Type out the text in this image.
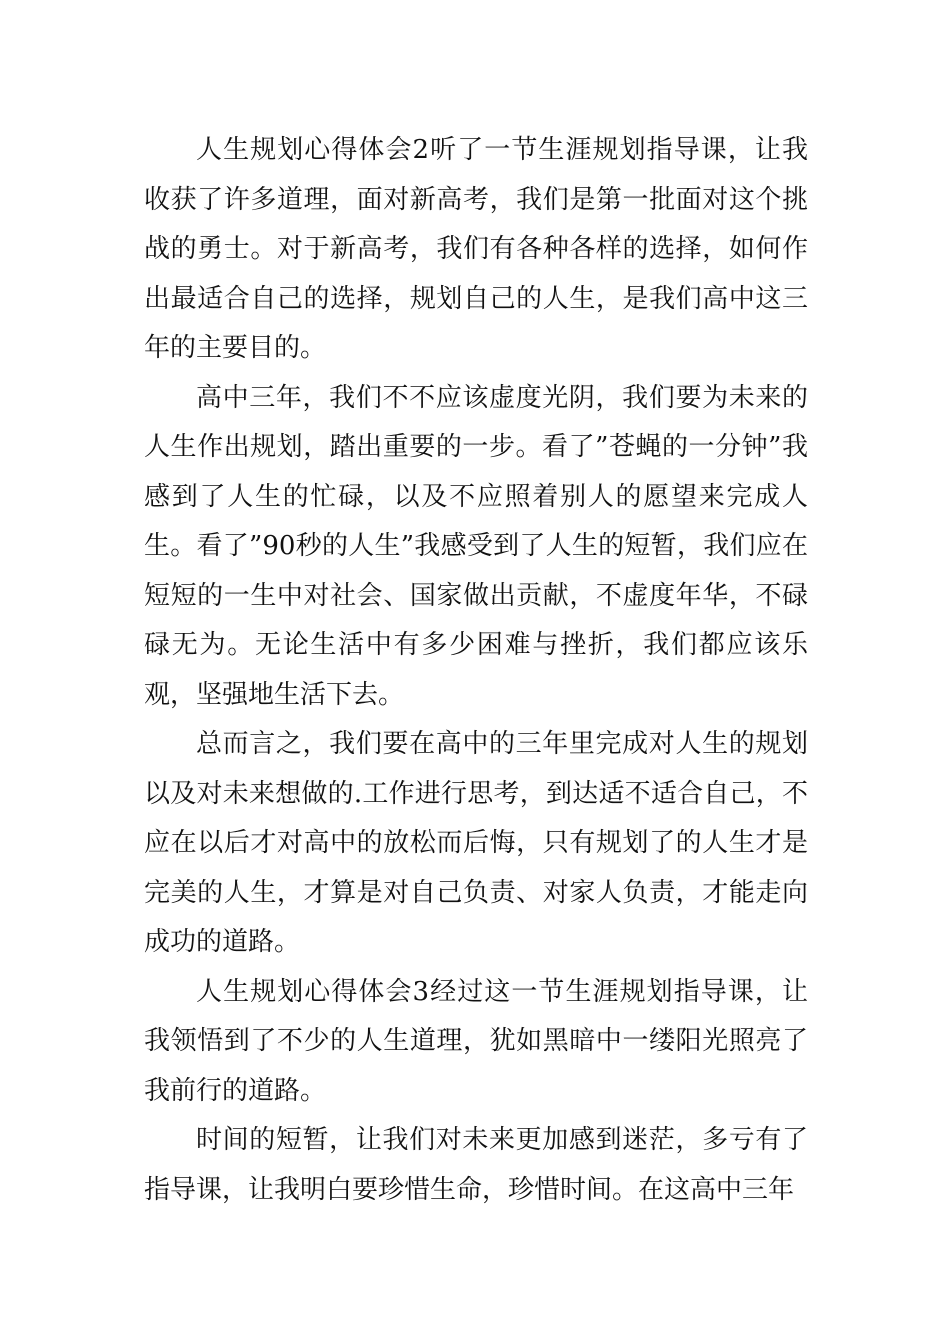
人生规划心得体会2听了一节生涯规划指导课，让我收获了许多道理，面对新高考，我们是第一批面对这个挑战的勇士。对于新高考，我们有各种各样的选择，如何作出最适合自己的选择，规划自己的人生，是我们高中这三年的主要目的。

高中三年，我们不不应该虚度光阴，我们要为未来的人生作出规划，踏出重要的一步。看了”苍蝇的一分钟”我感到了人生的忙碌，以及不应照着别人的愿望来完成人生。看了”90秒的人生”我感受到了人生的短暂，我们应在短短的一生中对社会、国家做出贡献，不虚度年华，不碌碌无为。无论生活中有多少困难与挫折，我们都应该乐观，坚强地生活下去。

总而言之，我们要在高中的三年里完成对人生的规划以及对未来想做的.工作进行思考，到达适不适合自己，不应在以后才对高中的放松而后悔，只有规划了的人生才是完美的人生，才算是对自己负责、对家人负责，才能走向成功的道路。

人生规划心得体会3经过这一节生涯规划指导课，让我领悟到了不少的人生道理，犹如黑暗中一缕阳光照亮了我前行的道路。

时间的短暂，让我们对未来更加感到迷茫，多亏有了指导课，让我明白要珍惜生命，珍惜时间。在这高中三年
